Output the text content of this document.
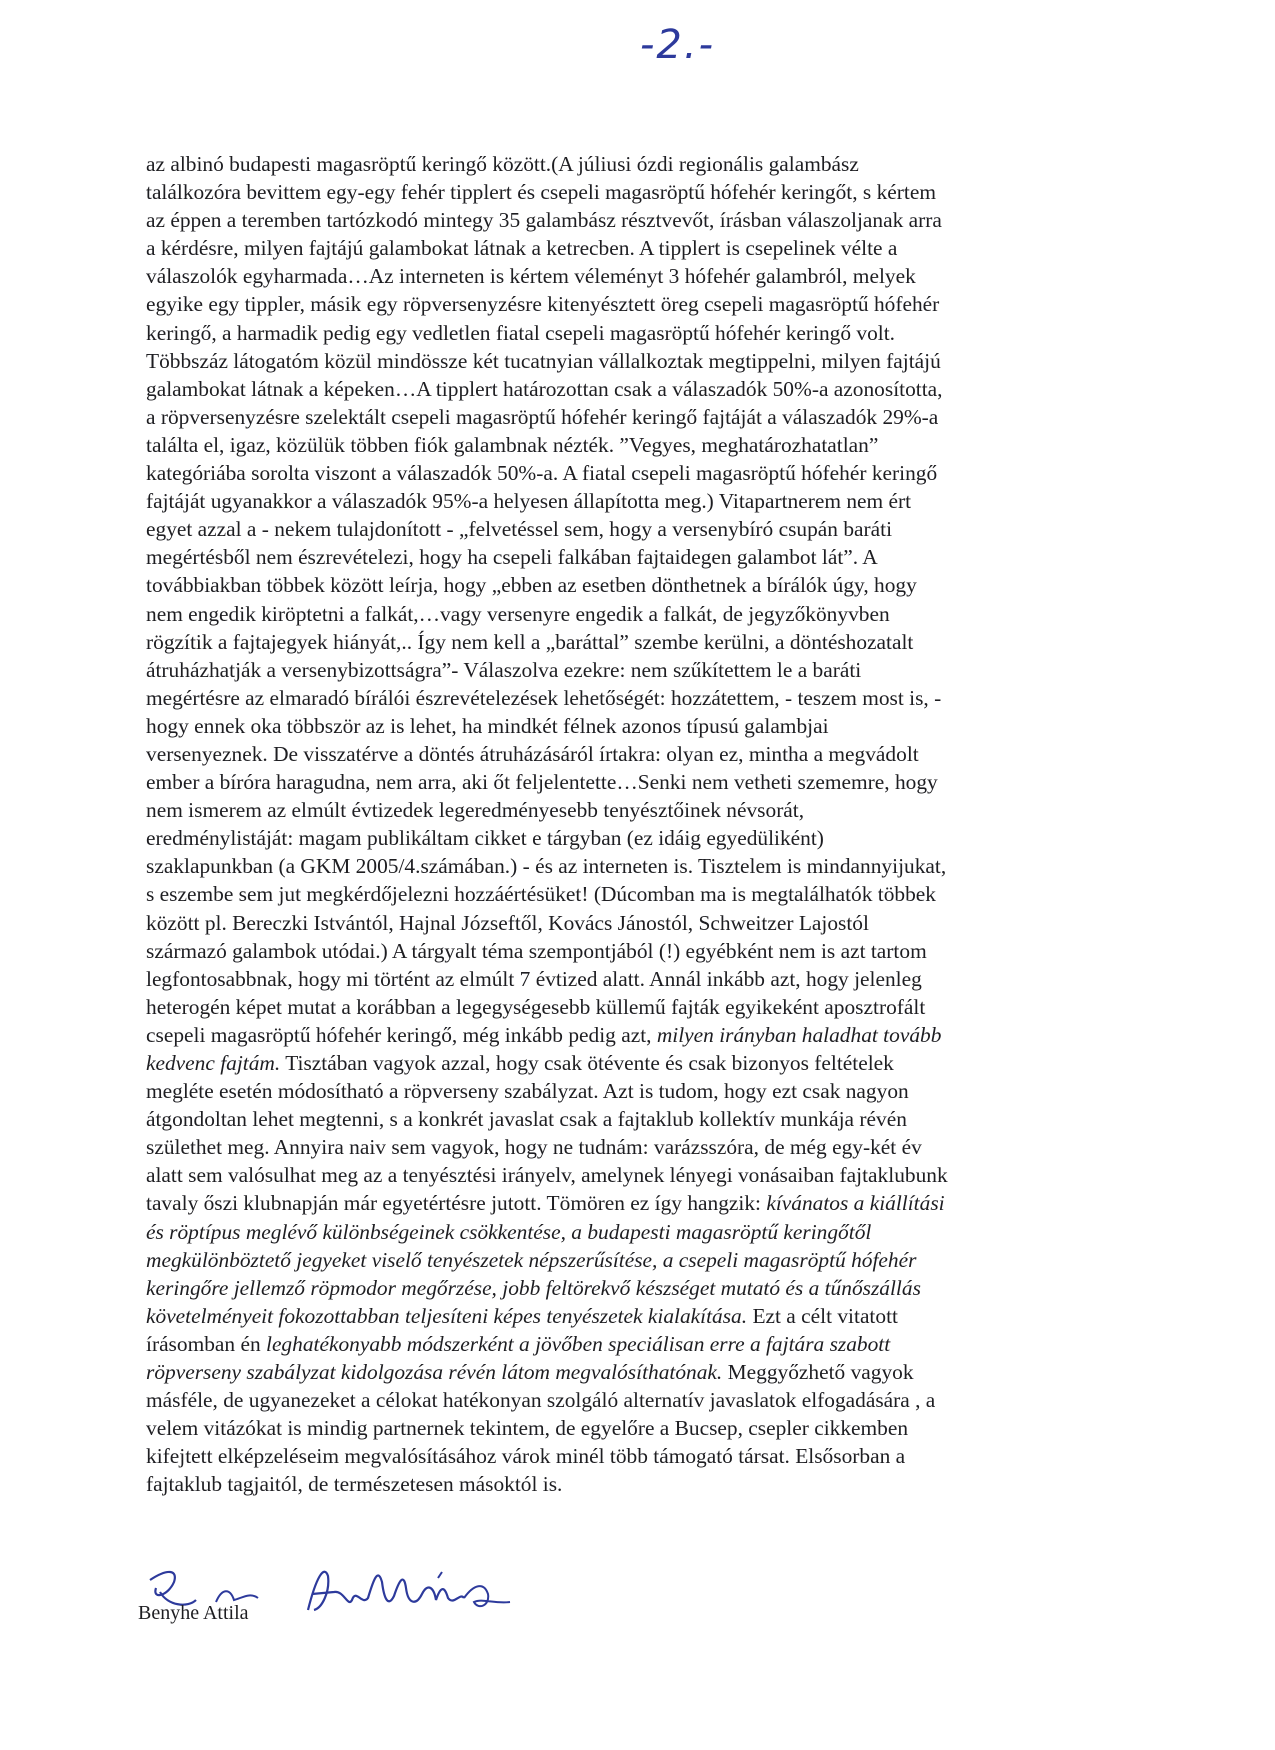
-2.-
az albinó budapesti magasröptű keringő között.(A júliusi ózdi regionális galambász
találkozóra bevittem egy-egy fehér tipplert és csepeli magasröptű hófehér keringőt, s kértem
az éppen a teremben tartózkodó mintegy 35 galambász résztvevőt, írásban válaszoljanak arra
a kérdésre, milyen fajtájú galambokat látnak a ketrecben. A tipplert is csepelinek vélte a
válaszolók egyharmada…Az interneten is kértem véleményt 3 hófehér galambról, melyek
egyike egy tippler, másik egy röpversenyzésre kitenyésztett öreg csepeli magasröptű hófehér
keringő, a harmadik pedig egy vedletlen fiatal csepeli magasröptű hófehér keringő volt.
Többszáz látogatóm közül mindössze két tucatnyian vállalkoztak megtippelni, milyen fajtájú
galambokat látnak a képeken…A tipplert határozottan csak a válaszadók 50%-a azonosította,
a röpversenyzésre szelektált csepeli magasröptű hófehér keringő fajtáját a válaszadók 29%-a
találta el, igaz, közülük többen fiók galambnak nézték. ”Vegyes, meghatározhatatlan”
kategóriába sorolta viszont a válaszadók 50%-a. A fiatal csepeli magasröptű hófehér keringő
fajtáját ugyanakkor a válaszadók 95%-a helyesen állapította meg.) Vitapartnerem nem ért
egyet azzal a - nekem tulajdonított - „felvetéssel sem, hogy a versenybíró csupán baráti
megértésből nem észrevételezi, hogy ha csepeli falkában fajtaidegen galambot lát”. A
továbbiakban többek között leírja, hogy „ebben az esetben dönthetnek a bírálók úgy, hogy
nem engedik kiröptetni a falkát,…vagy versenyre engedik a falkát, de jegyzőkönyvben
rögzítik a fajtajegyek hiányát,.. Így nem kell a „baráttal” szembe kerülni, a döntéshozatalt
átruházhatják a versenybizottságra”- Válaszolva ezekre: nem szűkítettem le a baráti
megértésre az elmaradó bírálói észrevételezések lehetőségét: hozzátettem, - teszem most is, -
hogy ennek oka többször az is lehet, ha mindkét félnek azonos típusú galambjai
versenyeznek. De visszatérve a döntés átruházásáról írtakra: olyan ez, mintha a megvádolt
ember a bíróra haragudna, nem arra, aki őt feljelentette…Senki nem vetheti szememre, hogy
nem ismerem az elmúlt évtizedek legeredményesebb tenyésztőinek névsorát,
eredménylistáját: magam publikáltam cikket e tárgyban (ez idáig egyedüliként)
szaklapunkban (a GKM 2005/4.számában.) - és az interneten is. Tisztelem is mindannyijukat,
s eszembe sem jut megkérdőjelezni hozzáértésüket! (Dúcomban ma is megtalálhatók többek
között pl. Bereczki Istvántól, Hajnal Józseftől, Kovács Jánostól, Schweitzer Lajostól
származó galambok utódai.) A tárgyalt téma szempontjából (!) egyébként nem is azt tartom
legfontosabbnak, hogy mi történt az elmúlt 7 évtized alatt. Annál inkább azt, hogy jelenleg
heterogén képet mutat a korábban a legegységesebb küllemű fajták egyikeként aposztrofált
csepeli magasröptű hófehér keringő, még inkább pedig azt, milyen irányban haladhat tovább
kedvenc fajtám. Tisztában vagyok azzal, hogy csak ötévente és csak bizonyos feltételek
megléte esetén módosítható a röpverseny szabályzat. Azt is tudom, hogy ezt csak nagyon
átgondoltan lehet megtenni, s a konkrét javaslat csak a fajtaklub kollektív munkája révén
születhet meg. Annyira naiv sem vagyok, hogy ne tudnám: varázsszóra, de még egy-két év
alatt sem valósulhat meg az a tenyésztési irányelv, amelynek lényegi vonásaiban fajtaklubunk
tavaly őszi klubnapján már egyetértésre jutott. Tömören ez így hangzik: kívánatos a kiállítási
és röptípus meglévő különbségeinek csökkentése, a budapesti magasröptű keringőtől
megkülönböztető jegyeket viselő tenyészetek népszerűsítése, a csepeli magasröptű hófehér
keringőre jellemző röpmodor megőrzése, jobb feltörekvő készséget mutató és a tűnőszállás
követelményeit fokozottabban teljesíteni képes tenyészetek kialakítása. Ezt a célt vitatott
írásomban én leghatékonyabb módszerként a jövőben speciálisan erre a fajtára szabott
röpverseny szabályzat kidolgozása révén látom megvalósíthatónak. Meggyőzhető vagyok
másféle, de ugyanezeket a célokat hatékonyan szolgáló alternatív javaslatok elfogadására , a
velem vitázókat is mindig partnernek tekintem, de egyelőre a Bucsep, csepler cikkemben
kifejtett elképzeléseim megvalósításához várok minél több támogató társat. Elsősorban a
fajtaklub tagjaitól, de természetesen másoktól is.
Benyhe Attila
